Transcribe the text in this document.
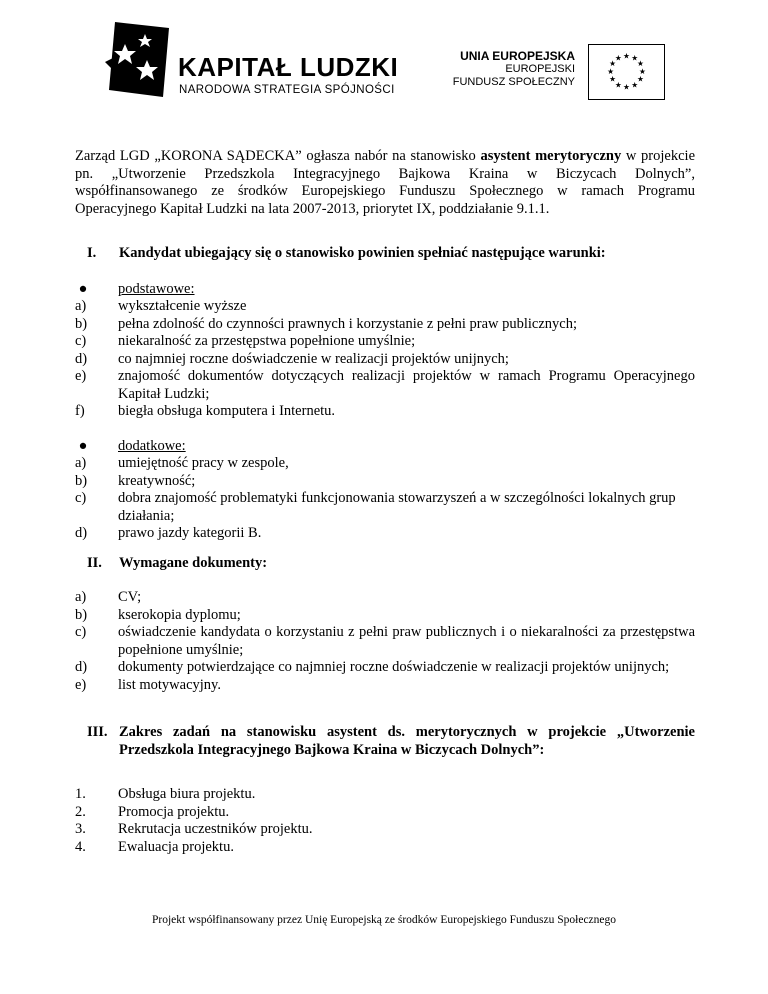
KAPITAŁ LUDZKI
NARODOWA STRATEGIA SPÓJNOŚCI
UNIA EUROPEJSKA
EUROPEJSKI
FUNDUSZ SPOŁECZNY
★ ★
★
★
★
★
★
★
★
★
★
★

Zarząd LGD „KORONA SĄDECKA” ogłasza nabór na stanowisko asystent merytoryczny w projekcie pn. „Utworzenie Przedszkola Integracyjnego Bajkowa Kraina w Biczycach Dolnych”, współfinansowanego ze środków Europejskiego Funduszu Społecznego w ramach Programu Operacyjnego Kapitał Ludzki na lata 2007-2013, priorytet IX, poddziałanie 9.1.1.

I.	Kandydat ubiegający się o stanowisko powinien spełniać następujące warunki:
●	podstawowe:
a)	wykształcenie wyższe
b)	pełna zdolność do czynności prawnych i korzystanie z pełni praw publicznych;
c)	niekaralność za przestępstwa popełnione umyślnie;
d)	co najmniej roczne doświadczenie w realizacji projektów unijnych;
e)	znajomość dokumentów dotyczących realizacji projektów w ramach Programu Operacyjnego Kapitał Ludzki;
f)	biegła obsługa komputera i Internetu.
●	dodatkowe:
a)	umiejętność pracy w zespole,
b)	kreatywność;
c)	dobra znajomość problematyki funkcjonowania stowarzyszeń a w szczególności lokalnych grup działania;
d)	prawo jazdy kategorii B.
II.	Wymagane dokumenty:
a)	CV;
b)	kserokopia dyplomu;
c)	oświadczenie kandydata o korzystaniu z pełni praw publicznych i o niekaralności za przestępstwa popełnione umyślnie;
d)	dokumenty potwierdzające co najmniej roczne doświadczenie w realizacji projektów unijnych;
e)	list motywacyjny.
III. Zakres zadań na stanowisku asystent ds. merytorycznych w projekcie „Utworzenie Przedszkola Integracyjnego Bajkowa Kraina w Biczycach Dolnych”:
1.	Obsługa biura projektu.
2.	Promocja projektu.
3.	Rekrutacja uczestników projektu.
4.	Ewaluacja projektu.
Projekt współfinansowany przez Unię Europejską ze środków Europejskiego Funduszu Społecznego
